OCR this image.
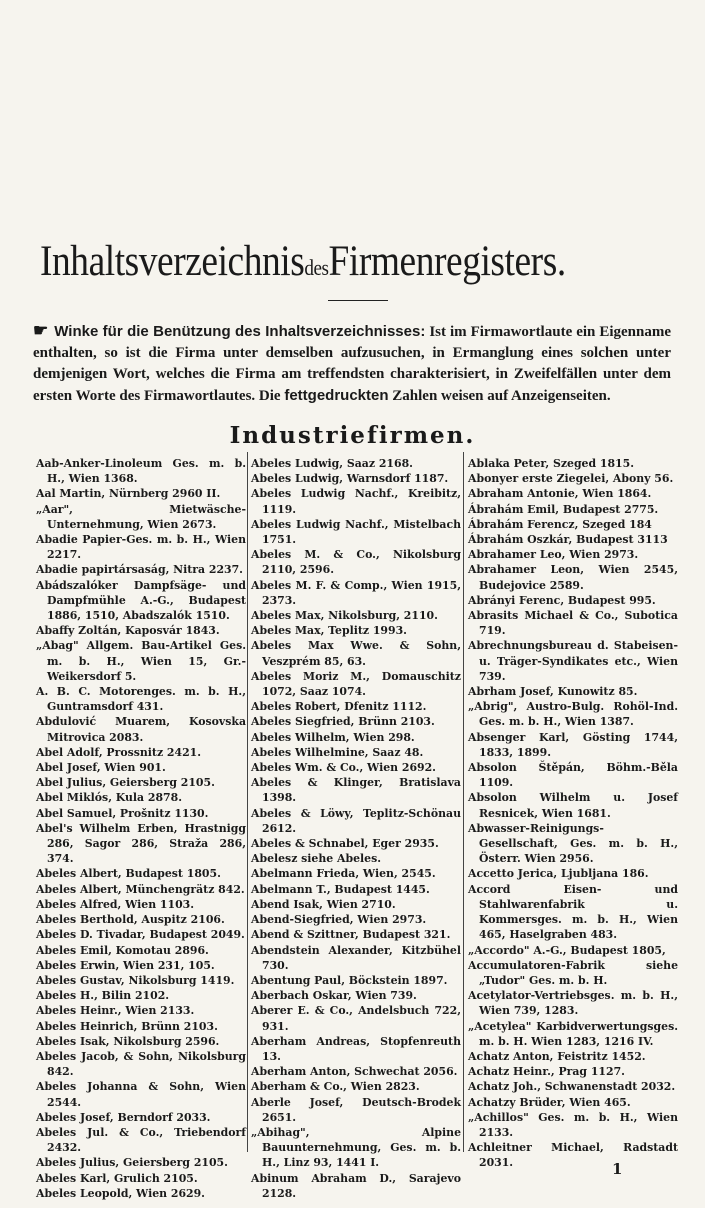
InhaltsverzeichnisdesFirmenregisters.
☛ Winke für die Benützung des Inhaltsverzeichnisses: Ist im Firmawortlaute ein Eigenname enthalten, so ist die Firma unter demselben aufzusuchen, in Ermanglung eines solchen unter demjenigen Wort, welches die Firma am treffendsten charakterisiert, in Zweifelfällen unter dem ersten Worte des Firmawortlautes. Die fettgedruckten Zahlen weisen auf Anzeigenseiten.
Industriefirmen.
Aab-Anker-Linoleum Ges. m. b. H., Wien 1368.
Aal Martin, Nürnberg 2960 II.
„Aar", Mietwäsche-Unternehmung, Wien 2673.
Abadie Papier-Ges. m. b. H., Wien 2217.
Abadie papirtársaság, Nitra 2237.
Abádszalóker Dampfsäge- und Dampfmühle A.-G., Budapest 1886, 1510, Abadszalók 1510.
Abaffy Zoltán, Kaposvár 1843.
„Abag" Allgem. Bau-Artikel Ges. m. b. H., Wien 15, Gr.-Weikersdorf 5.
A. B. C. Motorenges. m. b. H., Guntramsdorf 431.
Abdulović Muarem, Kosovska Mitrovica 2083.
Abel Adolf, Prossnitz 2421.
Abel Josef, Wien 901.
Abel Julius, Geiersberg 2105.
Abel Miklós, Kula 2878.
Abel Samuel, Prošnitz 1130.
Abel's Wilhelm Erben, Hrastnigg 286, Sagor 286, Straža 286, 374.
Abeles Albert, Budapest 1805.
Abeles Albert, Münchengrätz 842.
Abeles Alfred, Wien 1103.
Abeles Berthold, Auspitz 2106.
Abeles D. Tivadar, Budapest 2049.
Abeles Emil, Komotau 2896.
Abeles Erwin, Wien 231, 105.
Abeles Gustav, Nikolsburg 1419.
Abeles H., Bilin 2102.
Abeles Heinr., Wien 2133.
Abeles Heinrich, Brünn 2103.
Abeles Isak, Nikolsburg 2596.
Abeles Jacob, & Sohn, Nikolsburg 842.
Abeles Johanna & Sohn, Wien 2544.
Abeles Josef, Berndorf 2033.
Abeles Jul. & Co., Triebendorf 2432.
Abeles Julius, Geiersberg 2105.
Abeles Karl, Grulich 2105.
Abeles Leopold, Wien 2629.
Abeles Ludwig, Saaz 2168.
Abeles Ludwig, Warnsdorf 1187.
Abeles Ludwig Nachf., Kreibitz, 1119.
Abeles Ludwig Nachf., Mistelbach 1751.
Abeles M. & Co., Nikolsburg 2110, 2596.
Abeles M. F. & Comp., Wien 1915, 2373.
Abeles Max, Nikolsburg, 2110.
Abeles Max, Teplitz 1993.
Abeles Max Wwe. & Sohn, Veszprém 85, 63.
Abeles Moriz M., Domauschitz 1072, Saaz 1074.
Abeles Robert, Dfenitz 1112.
Abeles Siegfried, Brünn 2103.
Abeles Wilhelm, Wien 298.
Abeles Wilhelmine, Saaz 48.
Abeles Wm. & Co., Wien 2692.
Abeles & Klinger, Bratislava 1398.
Abeles & Löwy, Teplitz-Schönau 2612.
Abeles & Schnabel, Eger 2935.
Abelesz siehe Abeles.
Abelmann Frieda, Wien, 2545.
Abelmann T., Budapest 1445.
Abend Isak, Wien 2710.
Abend-Siegfried, Wien 2973.
Abend & Szittner, Budapest 321.
Abendstein Alexander, Kitzbühel 730.
Abentung Paul, Böckstein 1897.
Aberbach Oskar, Wien 739.
Aberer E. & Co., Andelsbuch 722, 931.
Aberham Andreas, Stopfenreuth 13.
Aberham Anton, Schwechat 2056.
Aberham & Co., Wien 2823.
Aberle Josef, Deutsch-Brodek 2651.
„Abihag", Alpine Bauunternehmung, Ges. m. b. H., Linz 93, 1441 I.
Abinum Abraham D., Sarajevo 2128.
Ablaka Peter, Szeged 1815.
Abonyer erste Ziegelei, Abony 56.
Abraham Antonie, Wien 1864.
Ábrahám Emil, Budapest 2775.
Ábrahám Ferencz, Szeged 184
Ábrahám Oszkár, Budapest 3113
Abrahamer Leo, Wien 2973.
Abrahamer Leon, Wien 2545, Budejovice 2589.
Abrányi Ferenc, Budapest 995.
Abrasits Michael & Co., Subotica 719.
Abrechnungsbureau d. Stabeisen-u. Träger-Syndikates etc., Wien 739.
Abrham Josef, Kunowitz 85.
„Abrig", Austro-Bulg. Rohöl-Ind. Ges. m. b. H., Wien 1387.
Absenger Karl, Gösting 1744, 1833, 1899.
Absolon Štěpán, Böhm.-Běla 1109.
Absolon Wilhelm u. Josef Resnicek, Wien 1681.
Abwasser-Reinigungs-Gesellschaft, Ges. m. b. H., Österr. Wien 2956.
Accetto Jerica, Ljubljana 186.
Accord Eisen- und Stahlwarenfabrik u. Kommersges. m. b. H., Wien 465, Haselgraben 483.
„Accordo" A.-G., Budapest 1805,
Accumulatoren-Fabrik siehe „Tudor" Ges. m. b. H.
Acetylator-Vertriebsges. m. b. H., Wien 739, 1283.
„Acetylea" Karbidverwertungsges. m. b. H. Wien 1283, 1216 IV.
Achatz Anton, Feistritz 1452.
Achatz Heinr., Prag 1127.
Achatz Joh., Schwanenstadt 2032.
Achatzy Brüder, Wien 465.
„Achillos" Ges. m. b. H., Wien 2133.
Achleitner Michael, Radstadt 2031.	1
